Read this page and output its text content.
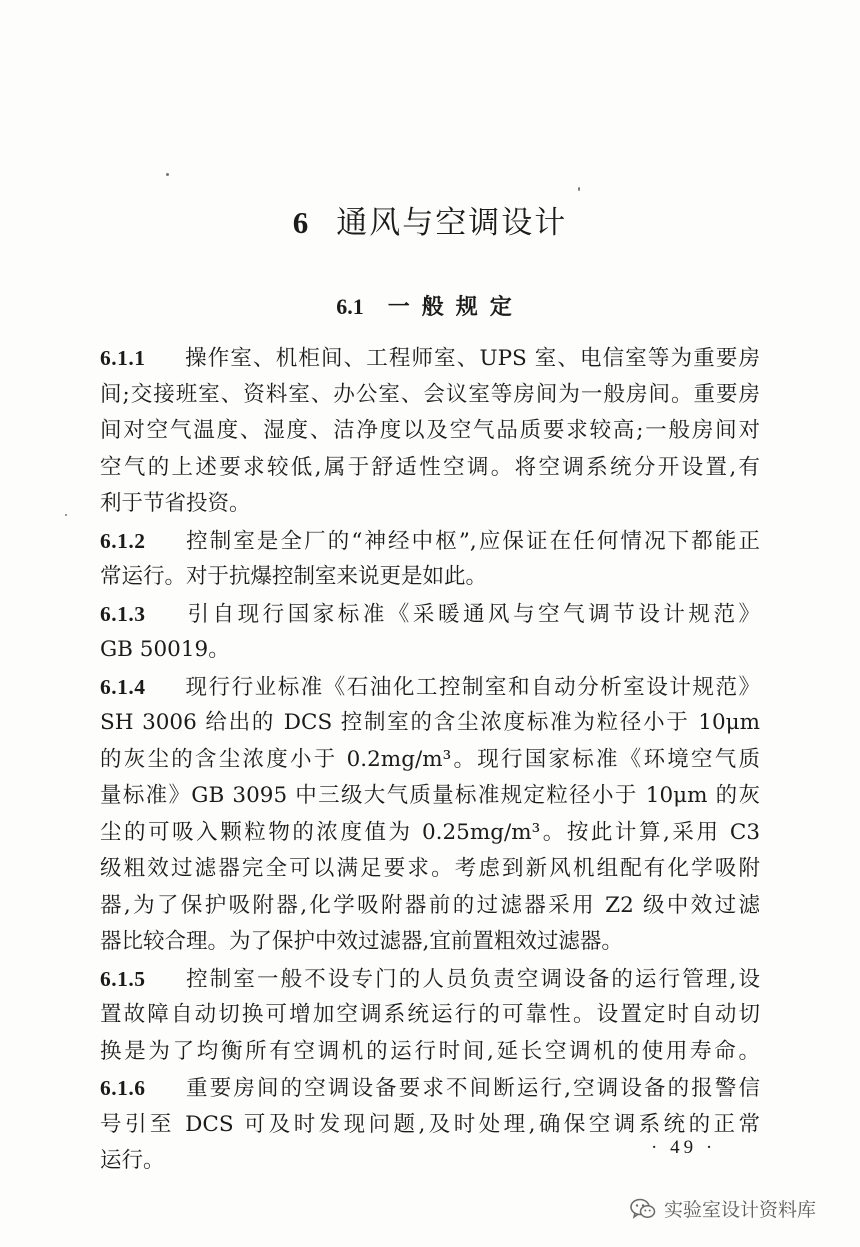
6 通风与空调设计
6.1 一般规定
6.1.1 操作室、机柜间、工程师室、UPS 室、电信室等为重要房
间;交接班室、资料室、办公室、会议室等房间为一般房间。重要房
间对空气温度、湿度、洁净度以及空气品质要求较高;一般房间对
空气的上述要求较低,属于舒适性空调。将空调系统分开设置,有
利于节省投资。
6.1.2 控制室是全厂的“神经中枢”,应保证在任何情况下都能正
常运行。对于抗爆控制室来说更是如此。
6.1.3 引自现行国家标准《采暖通风与空气调节设计规范》
GB 50019。
6.1.4 现行行业标准《石油化工控制室和自动分析室设计规范》
SH 3006 给出的 DCS 控制室的含尘浓度标准为粒径小于 10μm
的灰尘的含尘浓度小于 0.2mg/m³。现行国家标准《环境空气质
量标准》GB 3095 中三级大气质量标准规定粒径小于 10μm 的灰
尘的可吸入颗粒物的浓度值为 0.25mg/m³。按此计算,采用 C3
级粗效过滤器完全可以满足要求。考虑到新风机组配有化学吸附
器,为了保护吸附器,化学吸附器前的过滤器采用 Z2 级中效过滤
器比较合理。为了保护中效过滤器,宜前置粗效过滤器。
6.1.5 控制室一般不设专门的人员负责空调设备的运行管理,设
置故障自动切换可增加空调系统运行的可靠性。设置定时自动切
换是为了均衡所有空调机的运行时间,延长空调机的使用寿命。
6.1.6 重要房间的空调设备要求不间断运行,空调设备的报警信
号引至 DCS 可及时发现问题,及时处理,确保空调系统的正常
运行。
· 49 ·
实验室设计资料库
